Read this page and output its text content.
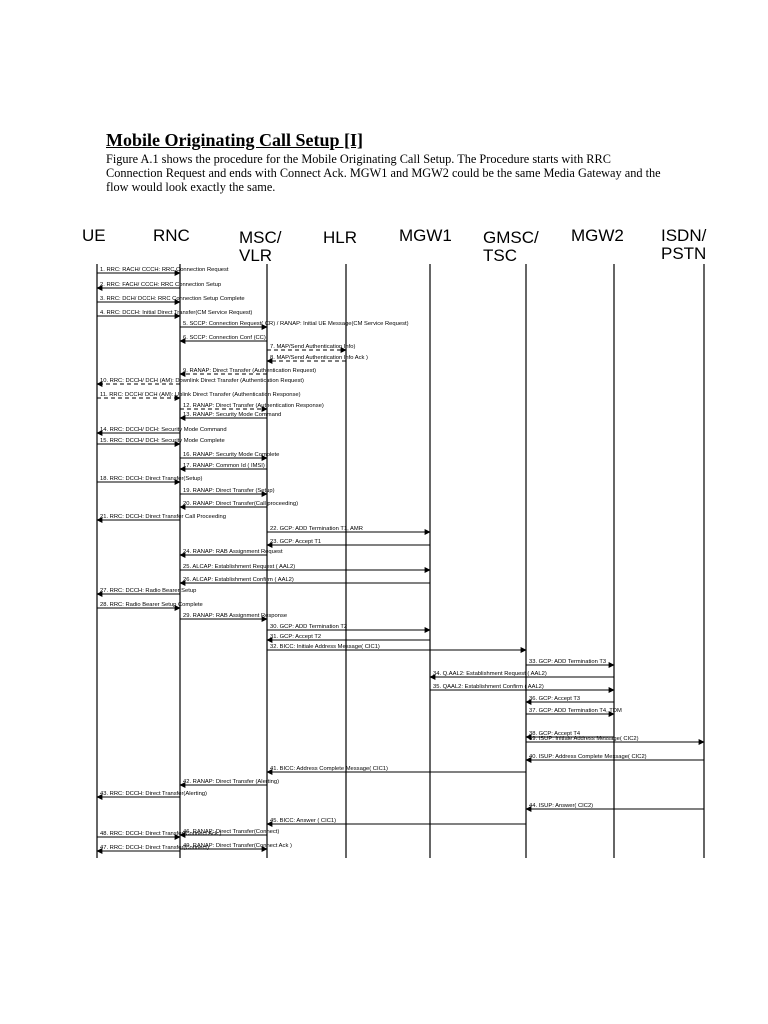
Mobile Originating Call Setup [I]

Figure A.1 shows the procedure for the Mobile Originating Call Setup. The Procedure starts with RRC Connection Request and ends with Connect Ack. MGW1 and MGW2 could be the same Media Gateway and the flow would look exactly the same.

UE	RNC	MSC/ VLR
HLR MGW1 GMSC/ TSC
MGW2 ISDN/ PSTN
1. RRC: RACH/ CCCH: RRC Connection Request
2. RRC: FACH/ CCCH: RRC Connection Setup
3. RRC: DCH/ DCCH: RRC Connection Setup Complete
4. RRC: DCCH: Initial Direct Transfer(CM Service Request)
5. SCCP: Connection Request( CR) / RANAP: Initial UE Message(CM Service Request)
6. SCCP: Connection Conf (CC)
7. MAP/Send Authentication Info)
8. MAP/Send Authentication Info Ack )
9. RANAP: Direct Transfer (Authentication Request)
10. RRC: DCCH/ DCH (AM): Downlink Direct Transfer (Authentication Request)
11. RRC: DCCH/ DCH (AM): Uplink Direct Transfer (Authentication Response)
12. RANAP: Direct Transfer (Authentication Response)
13. RANAP: Security Mode Command
14. RRC: DCCH/ DCH: Security Mode Command
15. RRC: DCCH/ DCH: Security Mode Complete
16. RANAP: Security Mode Complete
17. RANAP: Common Id ( IMSI)
18. RRC: DCCH: Direct Transfer(Setup)
19. RANAP: Direct Transfer (Setup)
20. RANAP: Direct Transfer(Call proceeding)
21. RRC: DCCH: Direct Transfer Call Proceeding
22. GCP: ADD Termination T1, AMR
23. GCP: Accept T1
24. RANAP: RAB Assignment Request
25. ALCAP: Establishment Request ( AAL2)
26. ALCAP: Establishment Confirm ( AAL2)
27. RRC: DCCH: Radio Bearer Setup
28. RRC: Radio Bearer Setup Complete
29. RANAP: RAB Assignment Response
30. GCP: ADD Termination T2
31. GCP: Accept T2
32. BICC: Initiale Address Message( CIC1)
33. GCP: ADD Termination T3
34. Q.AAL2: Establishment Request ( AAL2)
35. QAAL2: Establishment Confirm ( AAL2)
36. GCP: Accept T3
37. GCP: ADD Termination T4, TDM
38. GCP: Accept T4
39. ISUP: Initiale Address Message( CIC2)
40. ISUP: Address Complete Message( CIC2)
41. BICC: Address Complete Message( CIC1)
42. RANAP: Direct Transfer (Alerting)
43. RRC: DCCH: Direct Transfer(Alerting)
44. ISUP: Answer( CIC2)
45. BICC: Answer ( CIC1)
46. RANAP: Direct Transfer(Connect)
47. RRC: DCCH: Direct Transfer(Connect)
48. RRC: DCCH: Direct Transfer(Connect Ack )
49. RANAP: Direct Transfer(Connect Ack )
